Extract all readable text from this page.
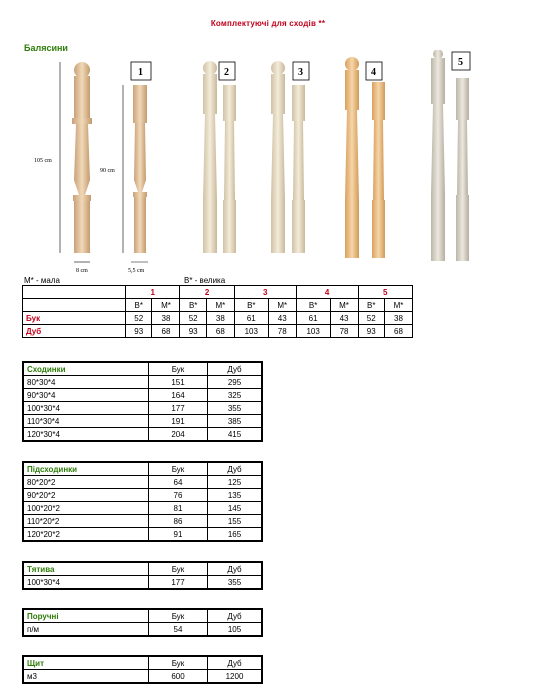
Комплектуючі для сходів **
Балясини
105 cm
90 cm
8 cm	5,5 cm
1	2	3	4
5
М* - мала	В* - велика
	1		2		3		4		5	
	В*	М*	В*	М*	В*	М*	В*	М*	В*	М*
Бук	52	38	52	38	61	43	61	43	52	38
Дуб	93	68	93	68	103	78	103	78	93	68
Сходинки	Бук	Дуб
80*30*4	151	295
90*30*4	164	325
100*30*4	177	355
110*30*4	191	385
120*30*4	204	415
Підсходинки	Бук	Дуб
80*20*2	64	125
90*20*2	76	135
100*20*2	81	145
110*20*2	86	155
120*20*2	91	165
Тятива	Бук	Дуб
100*30*4	177	355
Поручні	Бук	Дуб
п/м	54	105
Щит	Бук	Дуб
м3	600	1200
